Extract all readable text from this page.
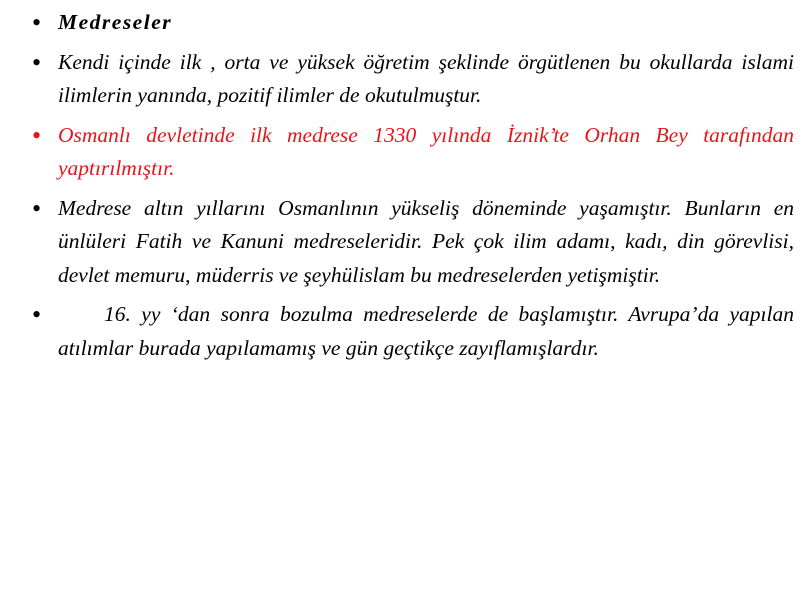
• Medreseler
• Kendi içinde ilk , orta ve yüksek öğretim şeklinde örgütlenen bu okullarda islami ilimlerin yanında, pozitif ilimler de okutulmuştur.
• Osmanlı devletinde ilk medrese 1330 yılında İznik’te Orhan Bey tarafından yaptırılmıştır.
• Medrese altın yıllarını Osmanlının yükseliş döneminde yaşamıştır. Bunların en ünlüleri Fatih ve Kanuni medreseleridir. Pek çok ilim adamı, kadı, din görevlisi, devlet memuru, müderris ve şeyhülislam bu medreselerden yetişmiştir.
•	16. yy ‘dan sonra bozulma medreselerde de başlamıştır. Avrupa’da yapılan atılımlar burada yapılamamış ve gün geçtikçe zayıflamışlardır.
